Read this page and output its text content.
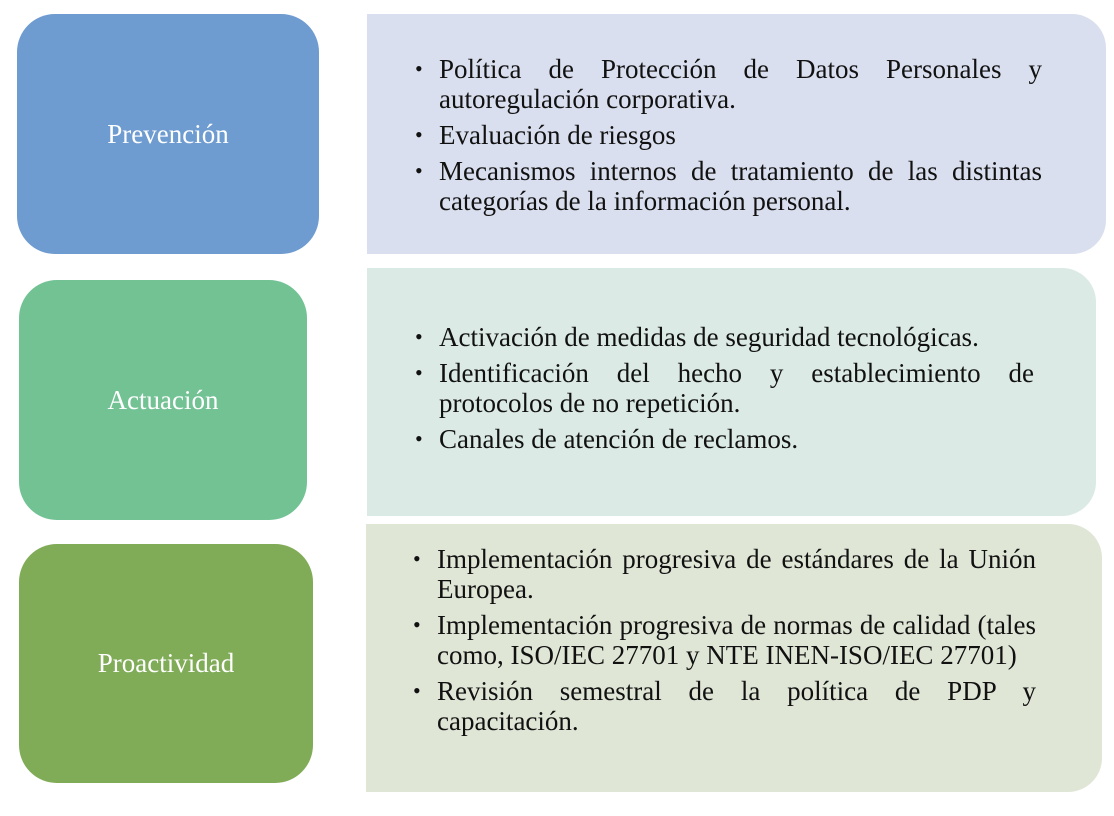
Prevención
• Política de Protección de Datos Personales y autoregulación corporativa.
• Evaluación de riesgos
• Mecanismos internos de tratamiento de las distintas categorías de la información personal.
Actuación
• Activación de medidas de seguridad tecnológicas.
• Identificación del hecho y establecimiento de protocolos de no repetición.
• Canales de atención de reclamos.
Proactividad
• Implementación progresiva de estándares de la Unión Europea.
• Implementación progresiva de normas de calidad (tales como, ISO/IEC 27701 y NTE INEN-ISO/IEC 27701)
• Revisión semestral de la política de PDP y capacitación.
